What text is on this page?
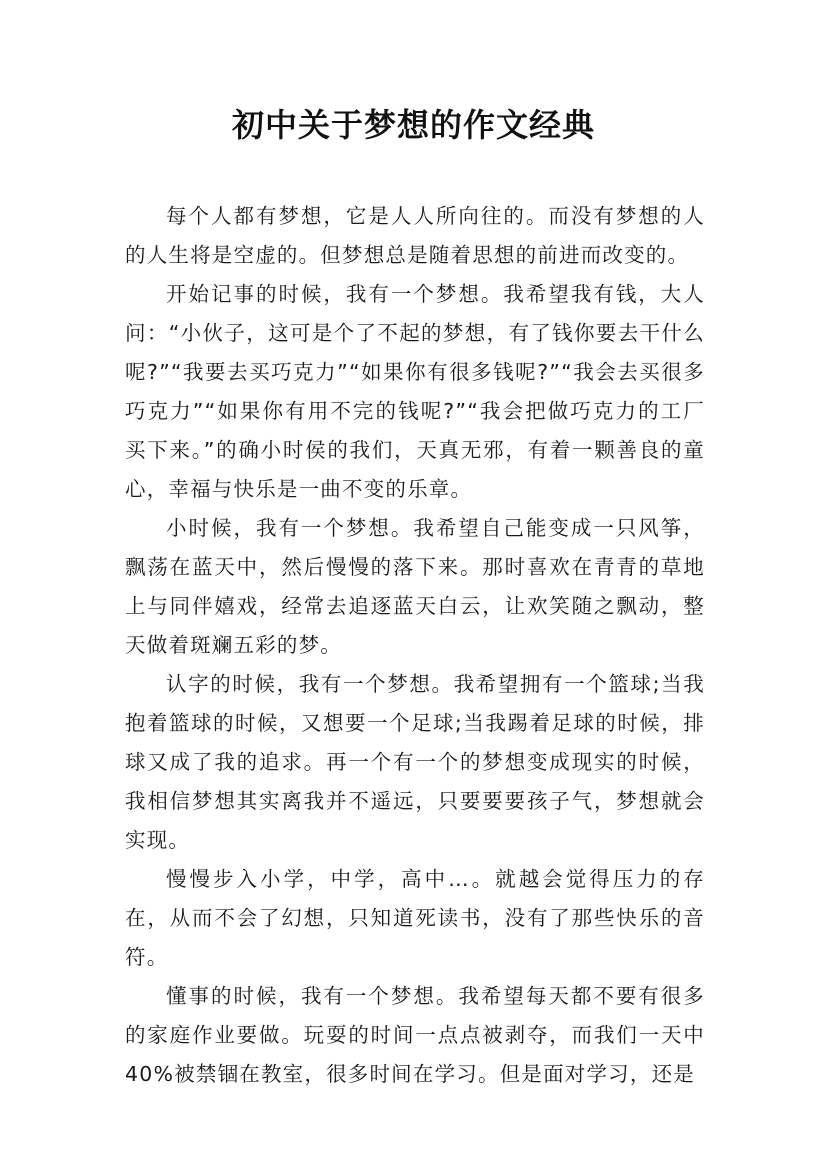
初中关于梦想的作文经典

每个人都有梦想，它是人人所向往的。而没有梦想的人的人生将是空虚的。但梦想总是随着思想的前进而改变的。

开始记事的时候，我有一个梦想。我希望我有钱，大人问：“小伙子，这可是个了不起的梦想，有了钱你要去干什么呢?”“我要去买巧克力”“如果你有很多钱呢?”“我会去买很多巧克力”“如果你有用不完的钱呢?”“我会把做巧克力的工厂买下来。”的确小时侯的我们，天真无邪，有着一颗善良的童心，幸福与快乐是一曲不变的乐章。

小时候，我有一个梦想。我希望自己能变成一只风筝，飘荡在蓝天中，然后慢慢的落下来。那时喜欢在青青的草地上与同伴嬉戏，经常去追逐蓝天白云，让欢笑随之飘动，整天做着斑斓五彩的梦。

认字的时候，我有一个梦想。我希望拥有一个篮球;当我抱着篮球的时候，又想要一个足球;当我踢着足球的时候，排球又成了我的追求。再一个有一个的梦想变成现实的时候，我相信梦想其实离我并不遥远，只要要要孩子气，梦想就会实现。

慢慢步入小学，中学，高中…。就越会觉得压力的存在，从而不会了幻想，只知道死读书，没有了那些快乐的音符。

懂事的时候，我有一个梦想。我希望每天都不要有很多的家庭作业要做。玩耍的时间一点点被剥夺，而我们一天中40%被禁锢在教室，很多时间在学习。但是面对学习，还是
